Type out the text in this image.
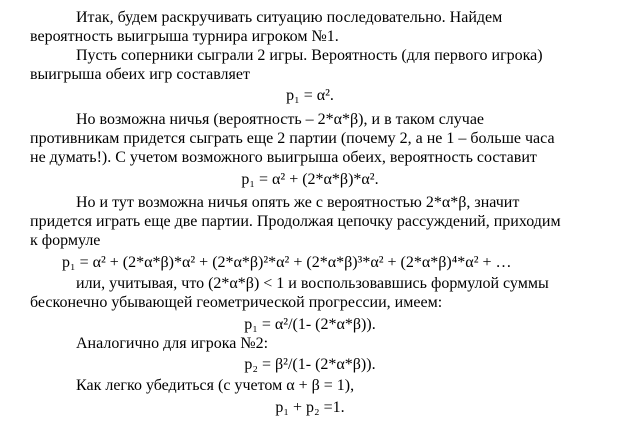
Итак, будем раскручивать ситуацию последовательно. Найдем
вероятность выигрыша турнира игроком №1.
Пусть соперники сыграли 2 игры. Вероятность (для первого игрока)
выигрыша обеих игр составляет
p₁ = α².
Но возможна ничья (вероятность – 2*α*β), и в таком случае
противникам придется сыграть еще 2 партии (почему 2, а не 1 – больше часа
не думать!). С учетом возможного выигрыша обеих, вероятность составит
p₁ = α² + (2*α*β)*α².
Но и тут возможна ничья опять же с вероятностью 2*α*β, значит
придется играть еще две партии. Продолжая цепочку рассуждений, приходим
к формуле
p₁ = α² + (2*α*β)*α² + (2*α*β)²*α² + (2*α*β)³*α² + (2*α*β)⁴*α² + …
или, учитывая, что (2*α*β) < 1 и воспользовавшись формулой суммы
бесконечно убывающей геометрической прогрессии, имеем:
p₁ = α²/(1- (2*α*β)).
Аналогично для игрока №2:
p₂ = β²/(1- (2*α*β)).
Как легко убедиться (с учетом α + β = 1),
p₁ + p₂ =1.
